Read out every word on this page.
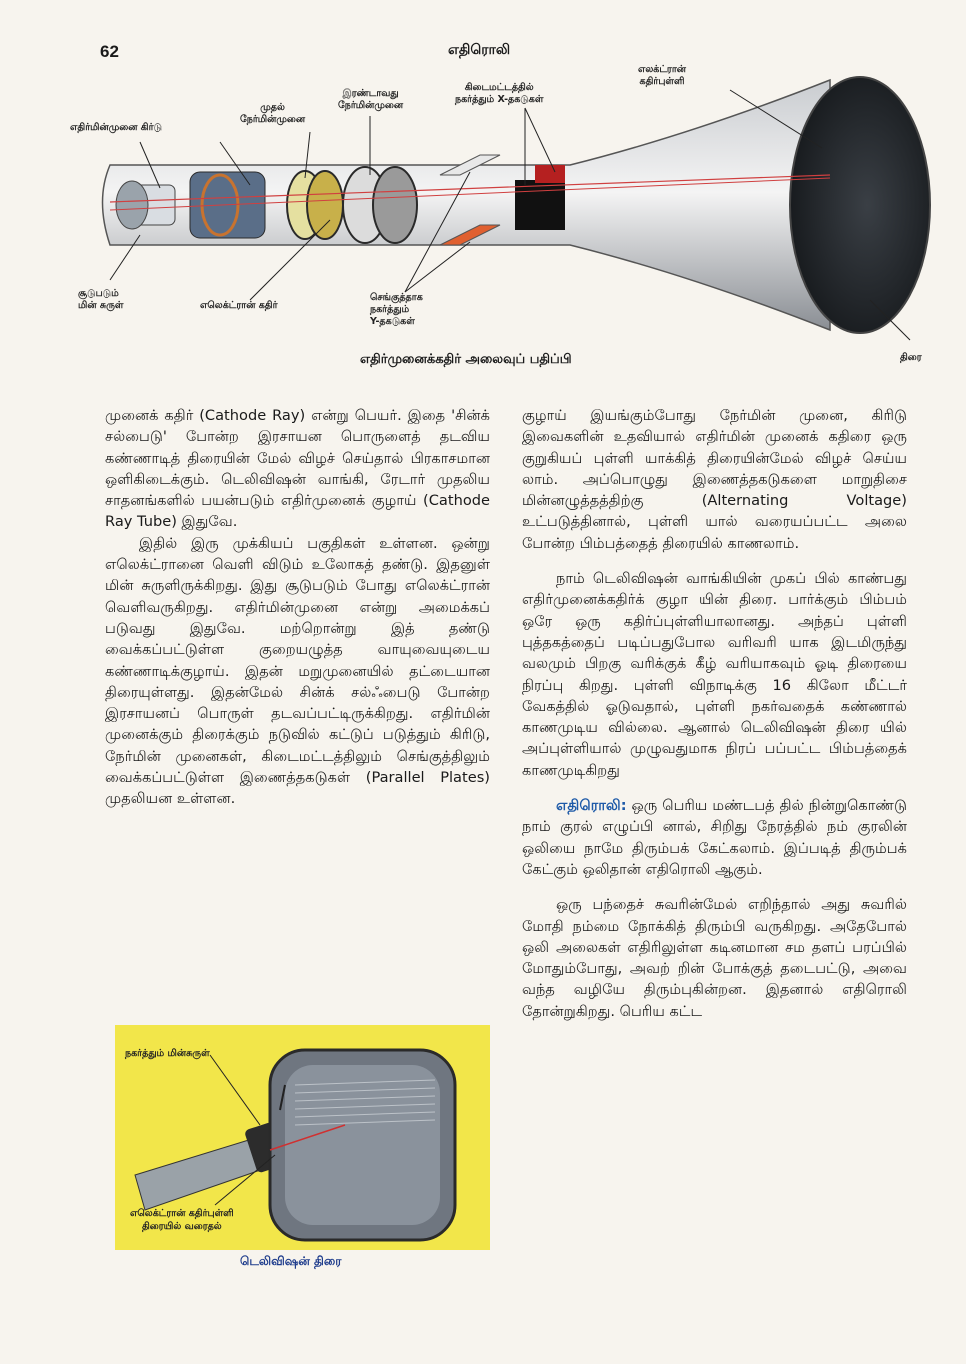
62	எதிரொலி
எதிர்மின்முனை கிர்டு
முதல்
நேர்மின்முனை
இரண்டாவது
நேர்மின்முனை
கிடைமட்டத்தில்
நகர்த்தும் X-தகடுகள்
எலக்ட்ரான்
கதிர்புள்ளி
சூடுபடும்
மின் சுருள்	எலெக்ட்ரான் கதிர்
செங்குத்தாக
நகர்த்தும்
Y-தகடுகள்
திரை
எதிர்முனைக்கதிர் அலைவுப் பதிப்பி

முனைக் கதிர் (Cathode Ray) என்று பெயர். இதை 'சின்க் சல்பைடு' போன்ற இரசாயன பொருளைத் தடவிய கண்ணாடித் திரையின் மேல் விழச் செய்தால் பிரகாசமான ஒளிகிடைக்கும். டெலிவிஷன் வாங்கி, ரேடார் முதலிய சாதனங்களில் பயன்படும் எதிர்முனைக் குழாய் (Cathode Ray Tube) இதுவே.

இதில் இரு முக்கியப் பகுதிகள் உள்ளன. ஒன்று எலெக்ட்ரானை வெளி விடும் உலோகத் தண்டு. இதனுள் மின் சுருளிருக்கிறது. இது சூடுபடும் போது எலெக்ட்ரான் வெளிவருகிறது. எதிர்மின்முனை என்று அமைக்கப் படுவது இதுவே. மற்றொன்று இத் தண்டு வைக்கப்பட்டுள்ள குறையழுத்த வாயுவையுடைய கண்ணாடிக்குழாய். இதன் மறுமுனையில் தட்டையான திரையுள்ளது. இதன்மேல் சின்க் சல்ஃபைடு போன்ற இரசாயனப் பொருள் தடவப்பட்டிருக்கிறது. எதிர்மின் முனைக்கும் திரைக்கும் நடுவில் கட்டுப் படுத்தும் கிரிடு, நேர்மின் முனைகள், கிடைமட்டத்திலும் செங்குத்திலும் வைக்கப்பட்டுள்ள இணைத்தகடுகள் (Parallel Plates) முதலியன உள்ளன.

குழாய் இயங்கும்போது நேர்மின் முனை, கிரிடு இவைகளின் உதவியால் எதிர்மின் முனைக் கதிரை ஒரு குறுகியப் புள்ளி யாக்கித் திரையின்மேல் விழச் செய்ய லாம். அப்பொழுது இணைத்தகடுகளை மாறுதிசை மின்னழுத்தத்திற்கு (Alternating Voltage) உட்படுத்தினால், புள்ளி யால் வரையப்பட்ட அலை போன்ற பிம்பத்தைத் திரையில் காணலாம்.

நாம் டெலிவிஷன் வாங்கியின் முகப் பில் காண்பது எதிர்முனைக்கதிர்க் குழா யின் திரை. பார்க்கும் பிம்பம் ஒரே ஒரு கதிர்ப்புள்ளியாலானது. அந்தப் புள்ளி புத்தகத்தைப் படிப்பதுபோல வரிவரி யாக இடமிருந்து வலமும் பிறகு வரிக்குக் கீழ் வரியாகவும் ஓடி திரையை நிரப்பு கிறது. புள்ளி விநாடிக்கு 16 கிலோ மீட்டர் வேகத்தில் ஓடுவதால், புள்ளி நகர்வதைக் கண்ணால் காணமுடிய வில்லை. ஆனால் டெலிவிஷன் திரை யில் அப்புள்ளியால் முழுவதுமாக நிரப் பப்பட்ட பிம்பத்தைக் காணமுடிகிறது

எதிரொலி: ஒரு பெரிய மண்டபத் தில் நின்றுகொண்டு நாம் குரல் எழுப்பி னால், சிறிது நேரத்தில் நம் குரலின் ஒலியை நாமே திரும்பக் கேட்கலாம். இப்படித் திரும்பக் கேட்கும் ஒலிதான் எதிரொலி ஆகும்.

ஒரு பந்தைச் சுவரின்மேல் எறிந்தால் அது சுவரில் மோதி நம்மை நோக்கித் திரும்பி வருகிறது. அதேபோல் ஒலி அலைகள் எதிரிலுள்ள கடினமான சம தளப் பரப்பில் மோதும்போது, அவற் றின் போக்குத் தடைபட்டு, அவை வந்த வழியே திரும்புகின்றன. இதனால் எதிரொலி தோன்றுகிறது. பெரிய கட்ட

நகர்த்தும் மின்சுருள்
எலெக்ட்ரான் கதிர்புள்ளி
திரையில் வரைதல்
டெலிவிஷன் திரை
